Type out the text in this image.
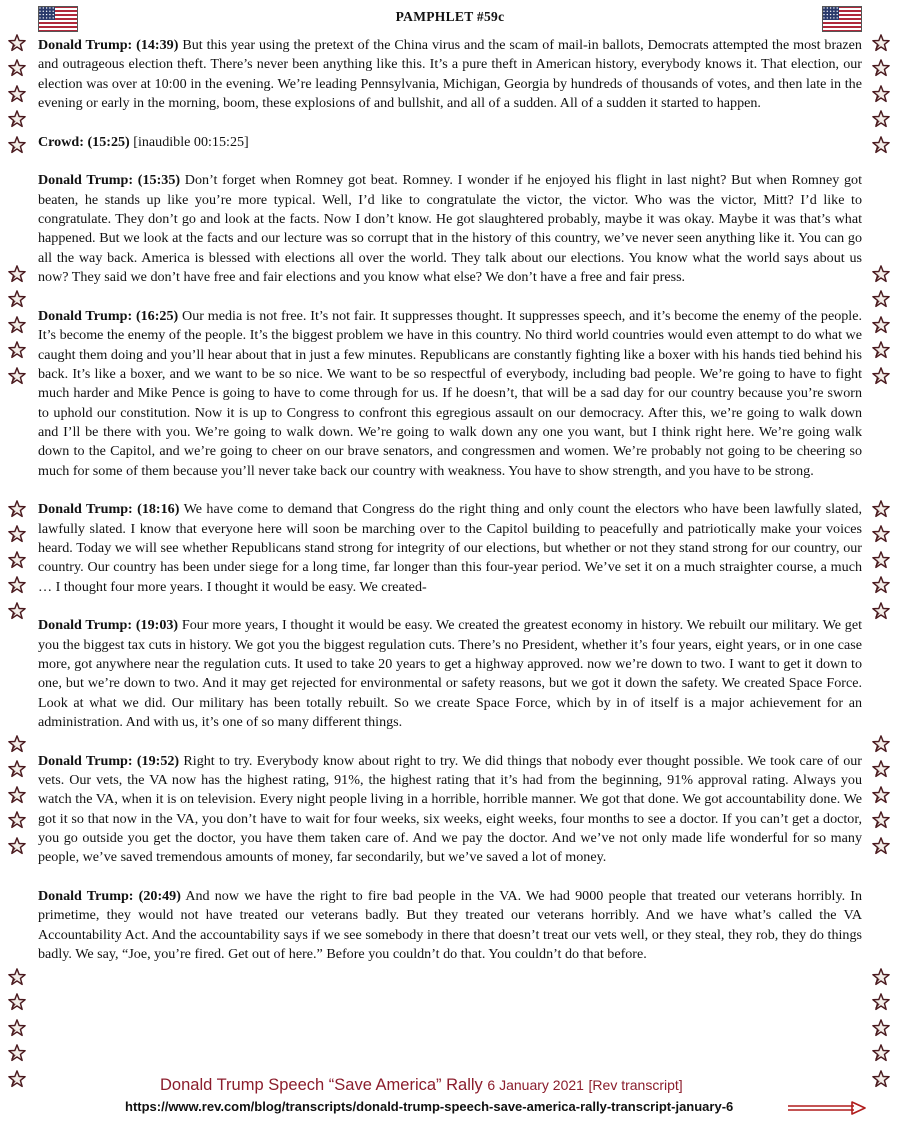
PAMPHLET #59c

Donald Trump: (14:39) But this year using the pretext of the China virus and the scam of mail-in ballots, Democrats attempted the most brazen and outrageous election theft. There’s never been anything like this. It’s a pure theft in American history, everybody knows it. That election, our election was over at 10:00 in the evening. We’re leading Pennsylvania, Michigan, Georgia by hundreds of thousands of votes, and then late in the evening or early in the morning, boom, these explosions of and bullshit, and all of a sudden. All of a sudden it started to happen.

Crowd: (15:25) [inaudible 00:15:25]

Donald Trump: (15:35) Don’t forget when Romney got beat. Romney. I wonder if he enjoyed his flight in last night? But when Romney got beaten, he stands up like you’re more typical. Well, I’d like to congratulate the victor, the victor. Who was the victor, Mitt? I’d like to congratulate. They don’t go and look at the facts. Now I don’t know. He got slaughtered probably, maybe it was okay. Maybe it was that’s what happened. But we look at the facts and our lecture was so corrupt that in the history of this country, we’ve never seen anything like it. You can go all the way back. America is blessed with elections all over the world. They talk about our elections. You know what the world says about us now? They said we don’t have free and fair elections and you know what else? We don’t have a free and fair press.

Donald Trump: (16:25) Our media is not free. It’s not fair. It suppresses thought. It suppresses speech, and it’s become the enemy of the people. It’s become the enemy of the people. It’s the biggest problem we have in this country. No third world countries would even attempt to do what we caught them doing and you’ll hear about that in just a few minutes. Republicans are constantly fighting like a boxer with his hands tied behind his back. It’s like a boxer, and we want to be so nice. We want to be so respectful of everybody, including bad people. We’re going to have to fight much harder and Mike Pence is going to have to come through for us. If he doesn’t, that will be a sad day for our country because you’re sworn to uphold our constitution. Now it is up to Congress to confront this egregious assault on our democracy. After this, we’re going to walk down and I’ll be there with you. We’re going to walk down. We’re going to walk down any one you want, but I think right here. We’re going walk down to the Capitol, and we’re going to cheer on our brave senators, and congressmen and women. We’re probably not going to be cheering so much for some of them because you’ll never take back our country with weakness. You have to show strength, and you have to be strong.

Donald Trump: (18:16) We have come to demand that Congress do the right thing and only count the electors who have been lawfully slated, lawfully slated. I know that everyone here will soon be marching over to the Capitol building to peacefully and patriotically make your voices heard. Today we will see whether Republicans stand strong for integrity of our elections, but whether or not they stand strong for our country, our country. Our country has been under siege for a long time, far longer than this four-year period. We’ve set it on a much straighter course, a much … I thought four more years. I thought it would be easy. We created-

Donald Trump: (19:03) Four more years, I thought it would be easy. We created the greatest economy in history. We rebuilt our military. We get you the biggest tax cuts in history. We got you the biggest regulation cuts. There’s no President, whether it’s four years, eight years, or in one case more, got anywhere near the regulation cuts. It used to take 20 years to get a highway approved. now we’re down to two. I want to get it down to one, but we’re down to two. And it may get rejected for environmental or safety reasons, but we got it down the safety. We created Space Force. Look at what we did. Our military has been totally rebuilt. So we create Space Force, which by in of itself is a major achievement for an administration. And with us, it’s one of so many different things.

Donald Trump: (19:52) Right to try. Everybody know about right to try. We did things that nobody ever thought possible. We took care of our vets. Our vets, the VA now has the highest rating, 91%, the highest rating that it’s had from the beginning, 91% approval rating. Always you watch the VA, when it is on television. Every night people living in a horrible, horrible manner. We got that done. We got accountability done. We got it so that now in the VA, you don’t have to wait for four weeks, six weeks, eight weeks, four months to see a doctor. If you can’t get a doctor, you go outside you get the doctor, you have them taken care of. And we pay the doctor. And we’ve not only made life wonderful for so many people, we’ve saved tremendous amounts of money, far secondarily, but we’ve saved a lot of money.

Donald Trump: (20:49) And now we have the right to fire bad people in the VA. We had 9000 people that treated our veterans horribly. In primetime, they would not have treated our veterans badly. But they treated our veterans horribly. And we have what’s called the VA Accountability Act. And the accountability says if we see somebody in there that doesn’t treat our vets well, or they steal, they rob, they do things badly. We say, “Joe, you’re fired. Get out of here.” Before you couldn’t do that. You couldn’t do that before.

Donald Trump Speech “Save America” Rally 6 January 2021 [Rev transcript]
https://www.rev.com/blog/transcripts/donald-trump-speech-save-america-rally-transcript-january-6
